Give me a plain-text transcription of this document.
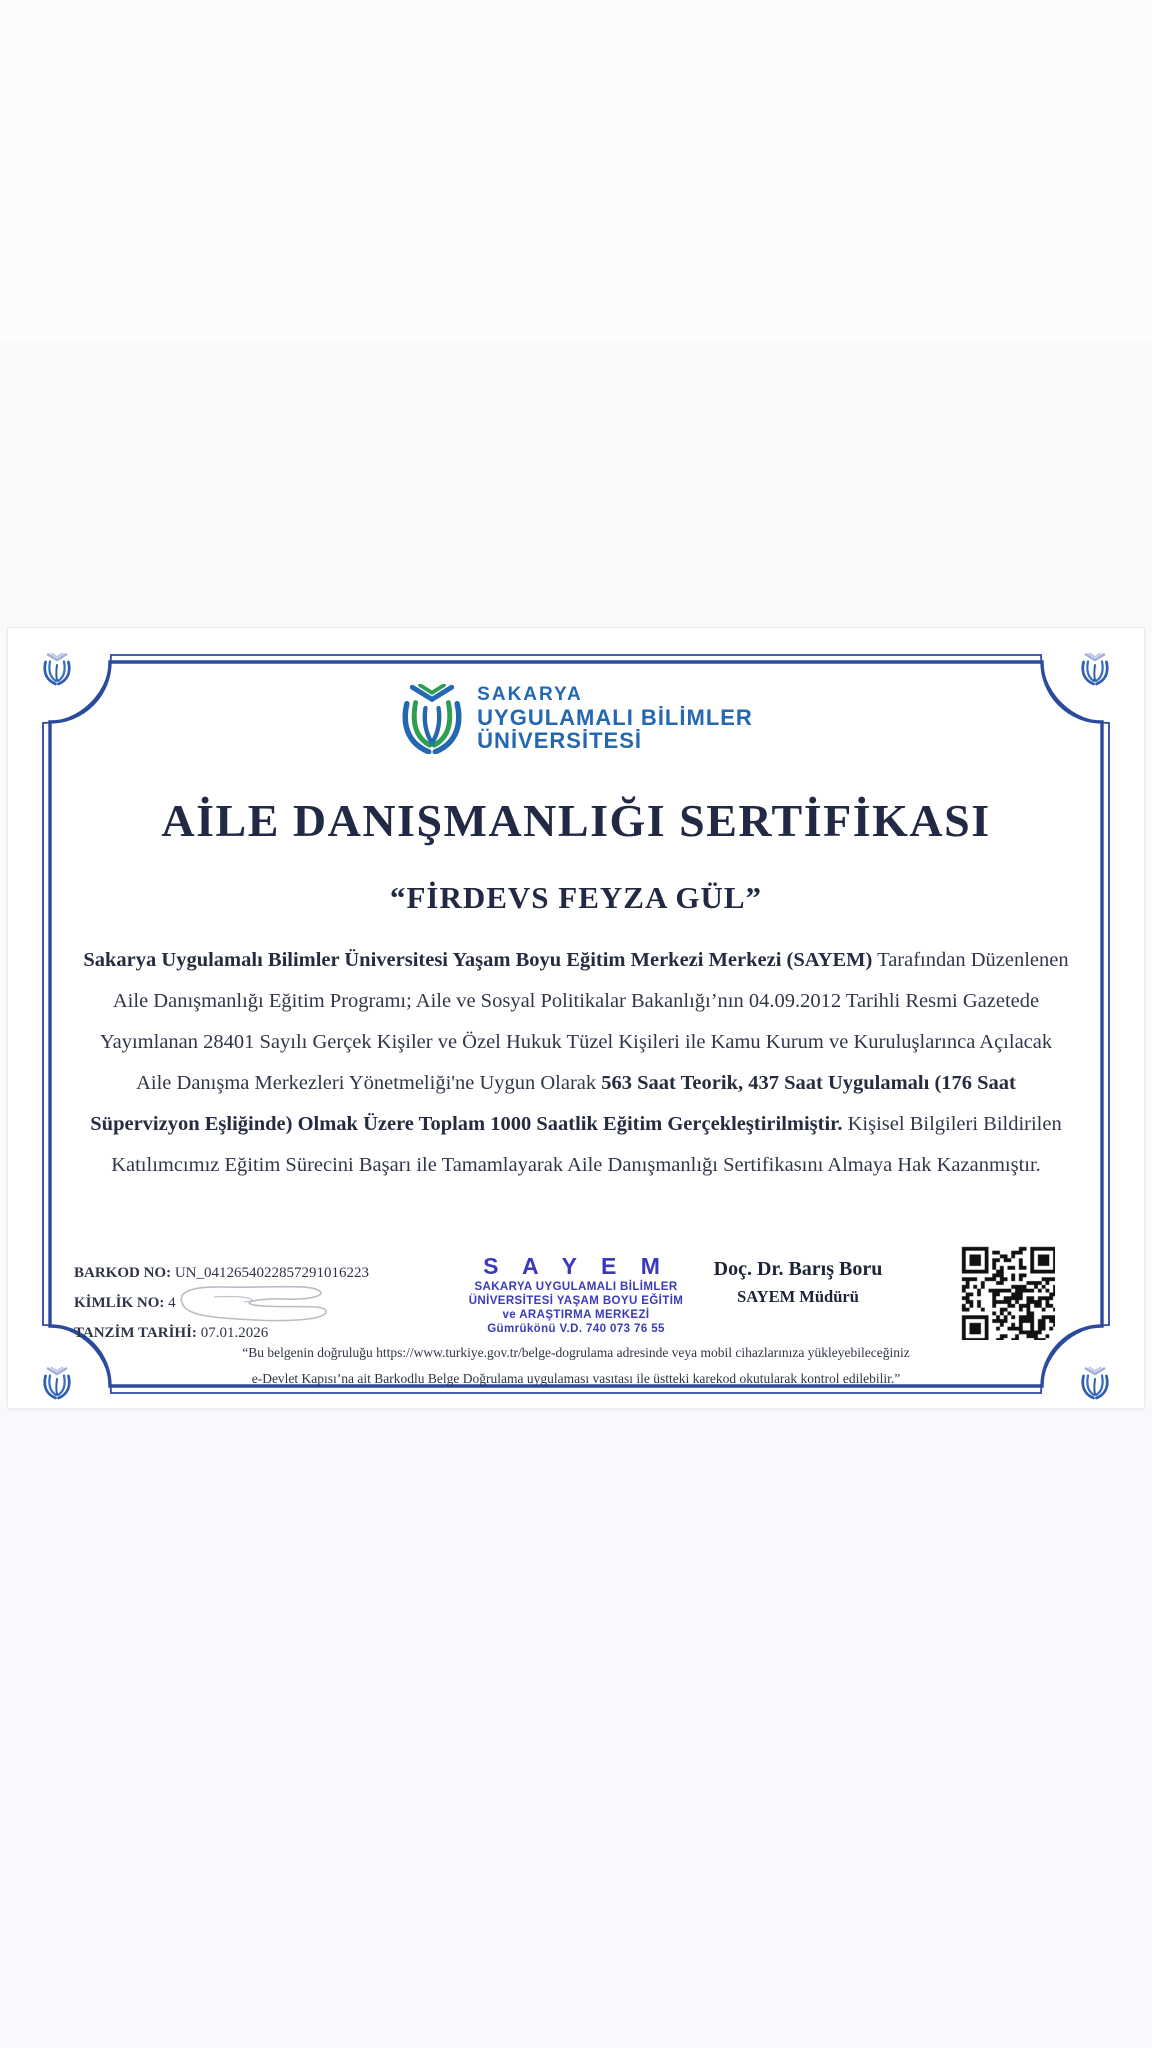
SAKARYA
UYGULAMALI BİLİMLER
ÜNİVERSİTESİ
AİLE DANIŞMANLIĞI SERTİFİKASI
“FİRDEVS FEYZA GÜL”
Sakarya Uygulamalı Bilimler Üniversitesi Yaşam Boyu Eğitim Merkezi Merkezi (SAYEM) Tarafından Düzenlenen
Aile Danışmanlığı Eğitim Programı; Aile ve Sosyal Politikalar Bakanlığı’nın 04.09.2012 Tarihli Resmi Gazetede
Yayımlanan 28401 Sayılı Gerçek Kişiler ve Özel Hukuk Tüzel Kişileri ile Kamu Kurum ve Kuruluşlarınca Açılacak
Aile Danışma Merkezleri Yönetmeliği'ne Uygun Olarak 563 Saat Teorik, 437 Saat Uygulamalı (176 Saat
Süpervizyon Eşliğinde) Olmak Üzere Toplam 1000 Saatlik Eğitim Gerçekleştirilmiştir. Kişisel Bilgileri Bildirilen
Katılımcımız Eğitim Sürecini Başarı ile Tamamlayarak Aile Danışmanlığı Sertifikasını Almaya Hak Kazanmıştır.
BARKOD NO: UN_0412654022857291016223
KİMLİK NO: 4
TANZİM TARİHİ: 07.01.2026
S A Y E M
SAKARYA UYGULAMALI BİLİMLER
ÜNİVERSİTESİ YAŞAM BOYU EĞİTİM
ve ARAŞTIRMA MERKEZİ
Gümrükönü V.D. 740 073 76 55
Doç. Dr. Barış Boru
SAYEM Müdürü
“Bu belgenin doğruluğu https://www.turkiye.gov.tr/belge-dogrulama adresinde veya mobil cihazlarınıza yükleyebileceğiniz
e-Devlet Kapısı’na ait Barkodlu Belge Doğrulama uygulaması vasıtası ile üstteki karekod okutularak kontrol edilebilir.”
